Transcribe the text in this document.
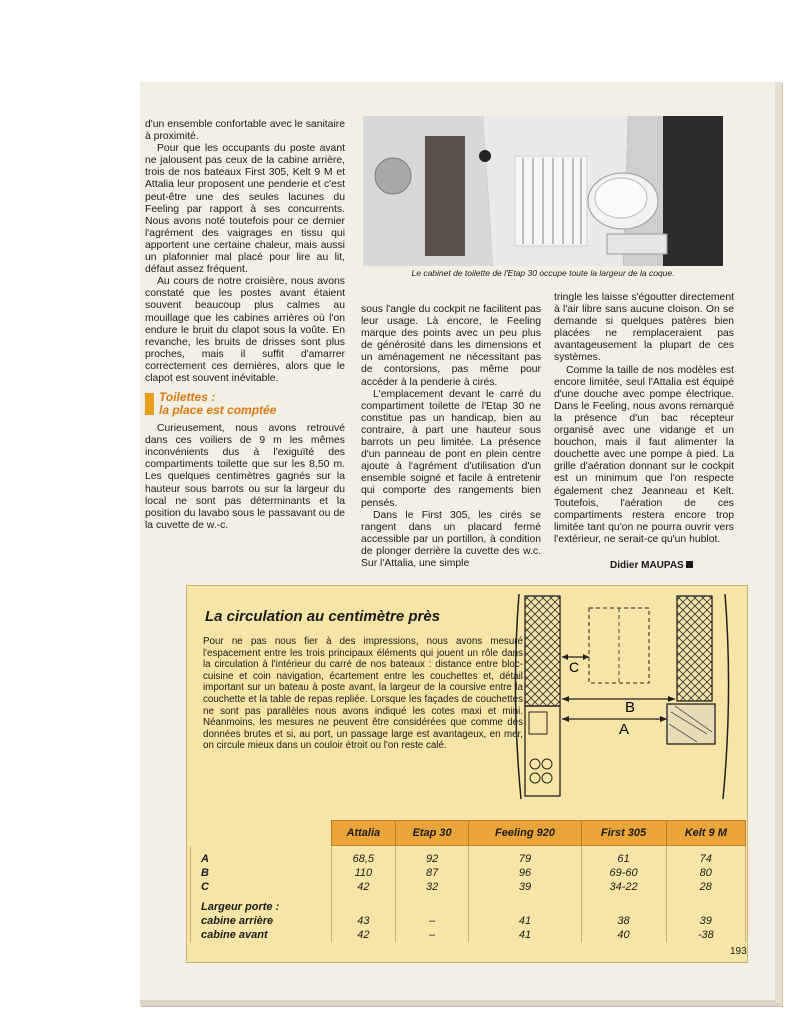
d'un ensemble confortable avec le sanitaire à proximité.

Pour que les occupants du poste avant ne jalousent pas ceux de la cabine arrière, trois de nos bateaux First 305, Kelt 9 M et Attalia leur proposent une penderie et c'est peut-être une des seules lacunes du Feeling par rapport à ses concurrents. Nous avons noté toutefois pour ce dernier l'agrément des vaigrages en tissu qui apportent une certaine chaleur, mais aussi un plafonnier mal placé pour lire au lit, défaut assez fréquent.

Au cours de notre croisière, nous avons constaté que les postes avant étaient souvent beaucoup plus calmes au mouillage que les cabines arrières où l'on endure le bruit du clapot sous la voûte. En revanche, les bruits de drisses sont plus proches, mais il suffit d'amarrer correctement ces dernières, alors que le clapot est souvent inévitable.

Toilettes :
la place est comptée

Curieusement, nous avons retrouvé dans ces voiliers de 9 m les mêmes inconvénients dus à l'exiguïté des compartiments toilette que sur les 8,50 m. Les quelques centimètres gagnés sur la hauteur sous barrots ou sur la largeur du local ne sont pas déterminants et la position du lavabo sous le passavant ou de la cuvette de w.-c.

Le cabinet de toilette de l'Etap 30 occupe toute la largeur de la coque.

sous l'angle du cockpit ne facilitent pas leur usage. Là encore, le Feeling marque des points avec un peu plus de générosité dans les dimensions et un aménagement ne nécessitant pas de contorsions, pas même pour accéder à la penderie à cirés.

L'emplacement devant le carré du compartiment toilette de l'Etap 30 ne constitue pas un handicap, bien au contraire, à part une hauteur sous barrots un peu limitée. La présence d'un panneau de pont en plein centre ajoute à l'agrément d'utilisation d'un ensemble soigné et facile à entretenir qui comporte des rangements bien pensés.

Dans le First 305, les cirés se rangent dans un placard fermé accessible par un portillon, à condition de plonger derrière la cuvette des w.c. Sur l'Attalia, une simple

tringle les laisse s'égoutter directement à l'air libre sans aucune cloison. On se demande si quelques patères bien placées ne remplaceraient pas avantageusement la plupart de ces systèmes.

Comme la taille de nos modèles est encore limitée, seul l'Attalia est équipé d'une douche avec pompe électrique. Dans le Feeling, nous avons remarqué la présence d'un bac récepteur organisé avec une vidange et un bouchon, mais il faut alimenter la douchette avec une pompe à pied. La grille d'aération donnant sur le cockpit est un minimum que l'on respecte également chez Jeanneau et Kelt. Toutefois, l'aération de ces compartiments restera encore trop limitée tant qu'on ne pourra ouvrir vers l'extérieur, ne serait-ce qu'un hublot.

Didier MAUPAS
La circulation au centimètre près
Pour ne pas nous fier à des impressions, nous avons mesuré l'espacement entre les trois principaux éléments qui jouent un rôle dans la circulation à l'intérieur du carré de nos bateaux : distance entre bloc-cuisine et coin navigation, écartement entre les couchettes et, détail important sur un bateau à poste avant, la largeur de la coursive entre la couchette et la table de repas repliée. Lorsque les façades de couchettes ne sont pas parallèles nous avons indiqué les cotes maxi et mini. Néanmoins, les mesures ne peuvent être considérées que comme des données brutes et si, au port, un passage large est avantageux, en mer, on circule mieux dans un couloir étroit ou l'on reste calé.
C
B
A
	Attalia	Etap 30	Feeling 920	First 305	Kelt 9 M

A	68,5	92	79	61	74
B	110	87	96	69-60	80
C	42	32	39	34-22	28

Largeur porte :					
cabine arrière	43	–	41	38	39
cabine avant	42	–	41	40	-38
193
